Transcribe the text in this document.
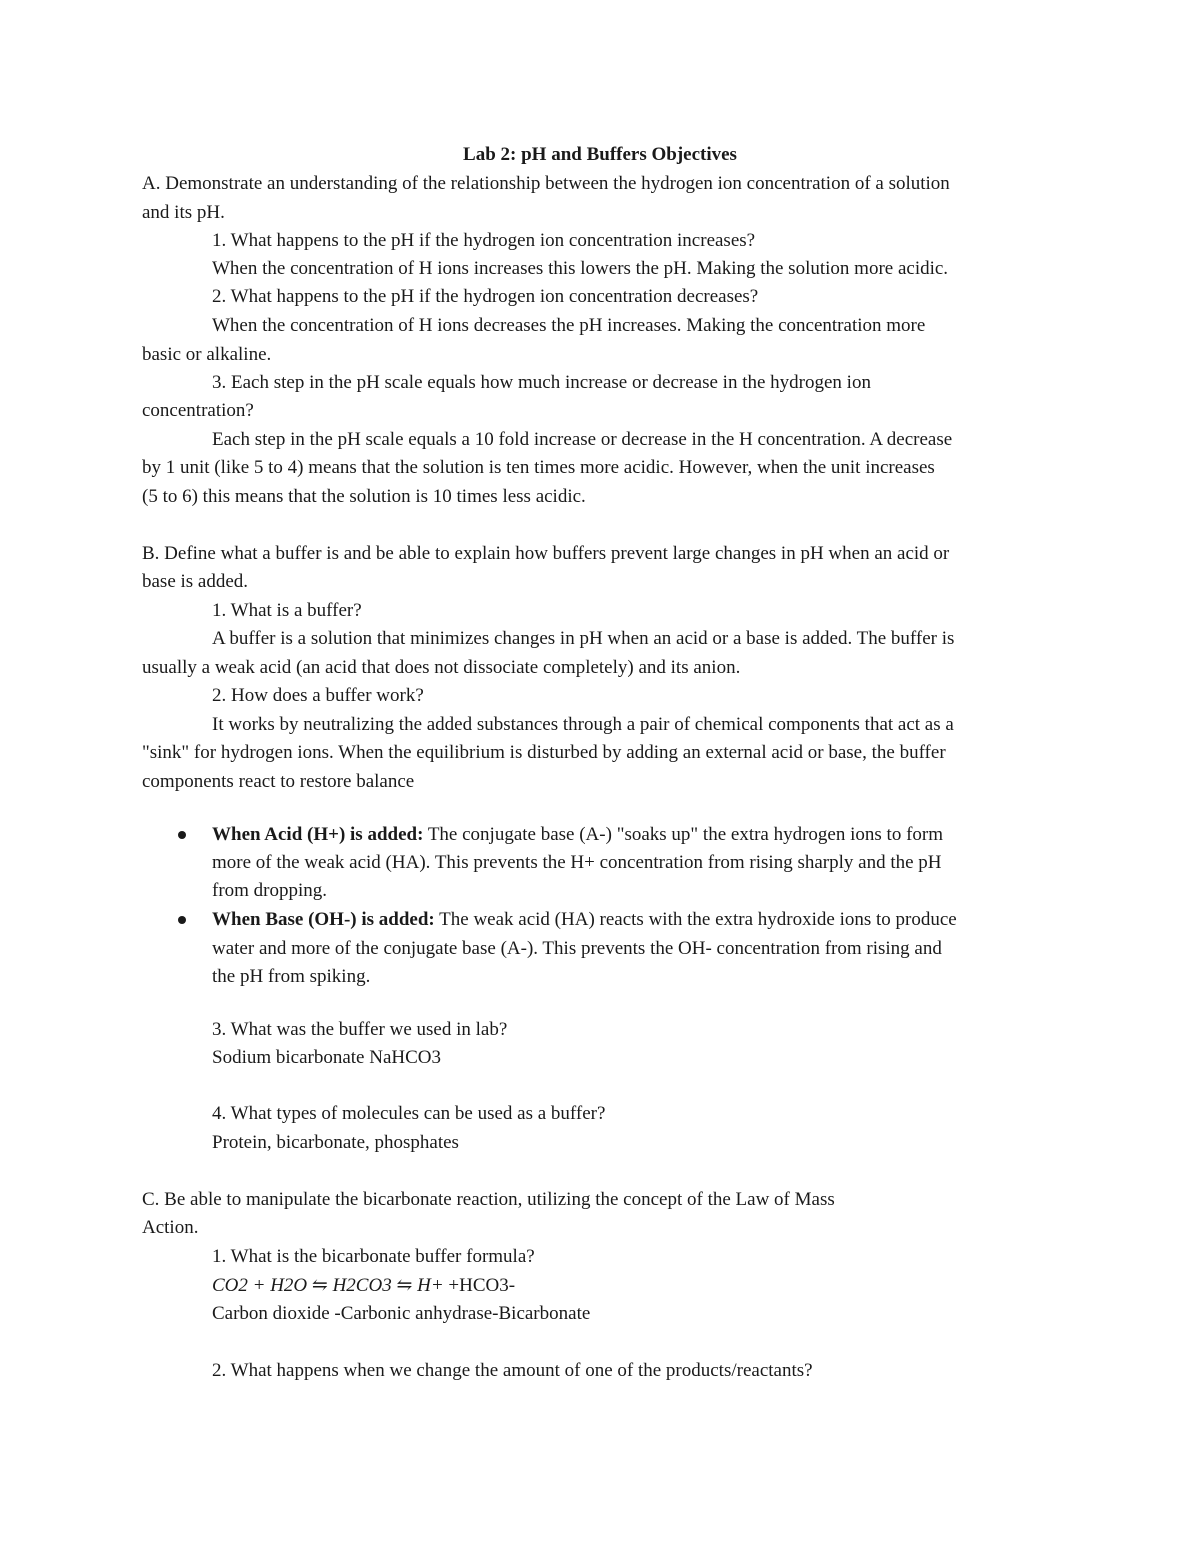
Lab 2: pH and Buffers Objectives
A. Demonstrate an understanding of the relationship between the hydrogen ion concentration of a solution
and its pH.
1. What happens to the pH if the hydrogen ion concentration increases?
When the concentration of H ions increases this lowers the pH. Making the solution more acidic.
2. What happens to the pH if the hydrogen ion concentration decreases?
When the concentration of H ions decreases the pH increases. Making the concentration more
basic or alkaline.
3. Each step in the pH scale equals how much increase or decrease in the hydrogen ion
concentration?
Each step in the pH scale equals a 10 fold increase or decrease in the H concentration. A decrease
by 1 unit (like 5 to 4) means that the solution is ten times more acidic. However, when the unit increases
(5 to 6) this means that the solution is 10 times less acidic.
B. Define what a buffer is and be able to explain how buffers prevent large changes in pH when an acid or
base is added.
1. What is a buffer?
A buffer is a solution that minimizes changes in pH when an acid or a base is added. The buffer is
usually a weak acid (an acid that does not dissociate completely) and its anion.
2. How does a buffer work?
It works by neutralizing the added substances through a pair of chemical components that act as a
"sink" for hydrogen ions. When the equilibrium is disturbed by adding an external acid or base, the buffer
components react to restore balance
When Acid (H+) is added: The conjugate base (A-) "soaks up" the extra hydrogen ions to form
more of the weak acid (HA). This prevents the H+ concentration from rising sharply and the pH
from dropping.
When Base (OH-) is added: The weak acid (HA) reacts with the extra hydroxide ions to produce
water and more of the conjugate base (A-). This prevents the OH- concentration from rising and
the pH from spiking.
3. What was the buffer we used in lab?
Sodium bicarbonate NaHCO3
4. What types of molecules can be used as a buffer?
Protein, bicarbonate, phosphates
C. Be able to manipulate the bicarbonate reaction, utilizing the concept of the Law of Mass
Action.
1. What is the bicarbonate buffer formula?
CO2 + H2O ⇋ H2CO3 ⇋ H+ +HCO3-
Carbon dioxide -Carbonic anhydrase-Bicarbonate
2. What happens when we change the amount of one of the products/reactants?
